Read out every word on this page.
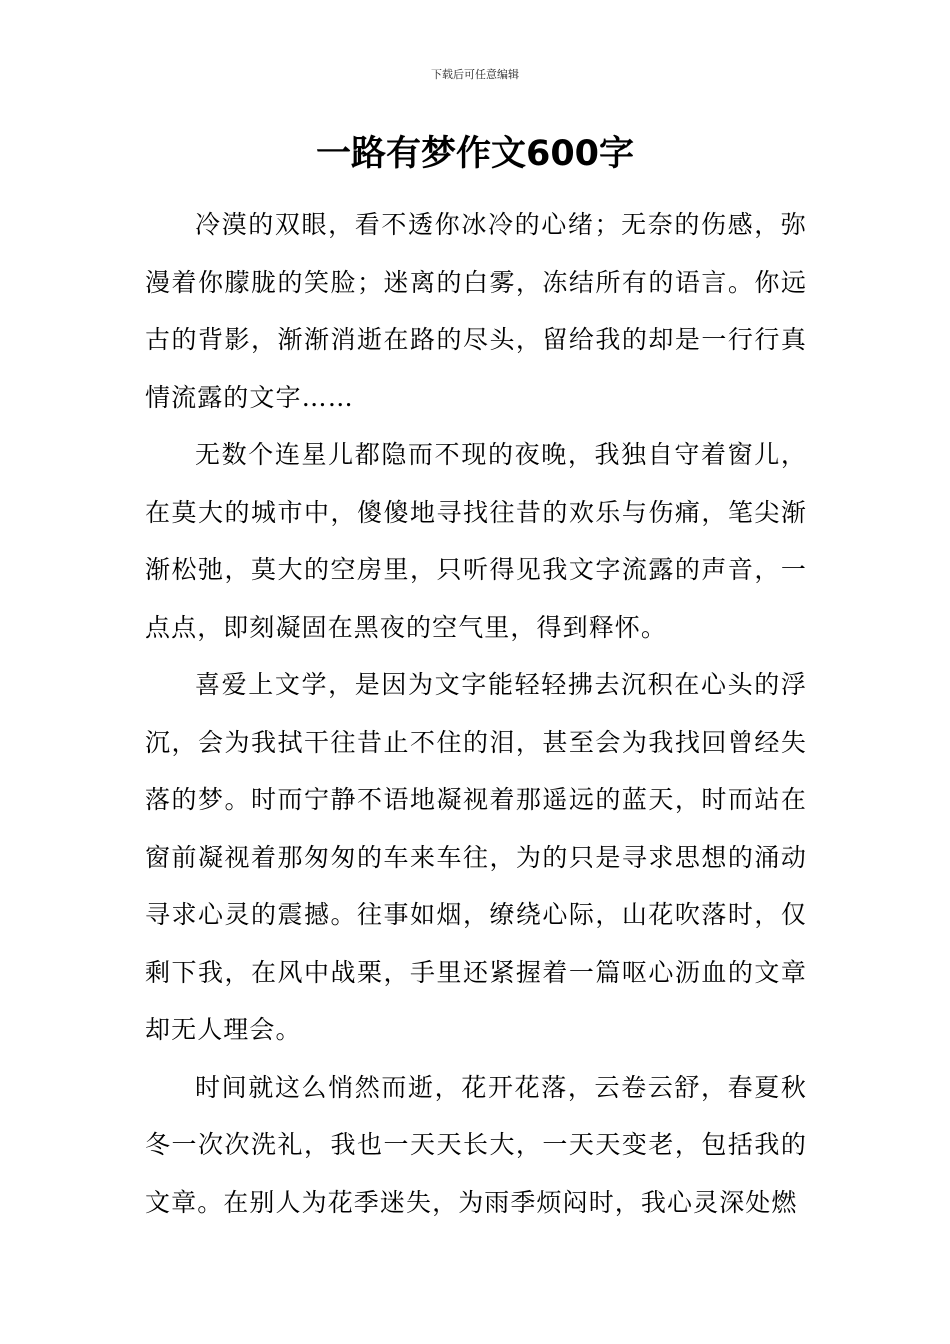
下载后可任意编辑
一路有梦作文600字

冷漠的双眼，看不透你冰冷的心绪；无奈的伤感，弥漫着你朦胧的笑脸；迷离的白雾，冻结所有的语言。你远古的背影，渐渐消逝在路的尽头，留给我的却是一行行真情流露的文字……

无数个连星儿都隐而不现的夜晚，我独自守着窗儿，在莫大的城市中，傻傻地寻找往昔的欢乐与伤痛，笔尖渐渐松弛，莫大的空房里，只听得见我文字流露的声音，一点点，即刻凝固在黑夜的空气里，得到释怀。

喜爱上文学，是因为文字能轻轻拂去沉积在心头的浮沉，会为我拭干往昔止不住的泪，甚至会为我找回曾经失落的梦。时而宁静不语地凝视着那遥远的蓝天，时而站在窗前凝视着那匆匆的车来车往，为的只是寻求思想的涌动寻求心灵的震撼。往事如烟，缭绕心际，山花吹落时，仅剩下我，在风中战栗，手里还紧握着一篇呕心沥血的文章却无人理会。

时间就这么悄然而逝，花开花落，云卷云舒，春夏秋冬一次次洗礼，我也一天天长大，一天天变老，包括我的文章。在别人为花季迷失，为雨季烦闷时，我心灵深处燃
